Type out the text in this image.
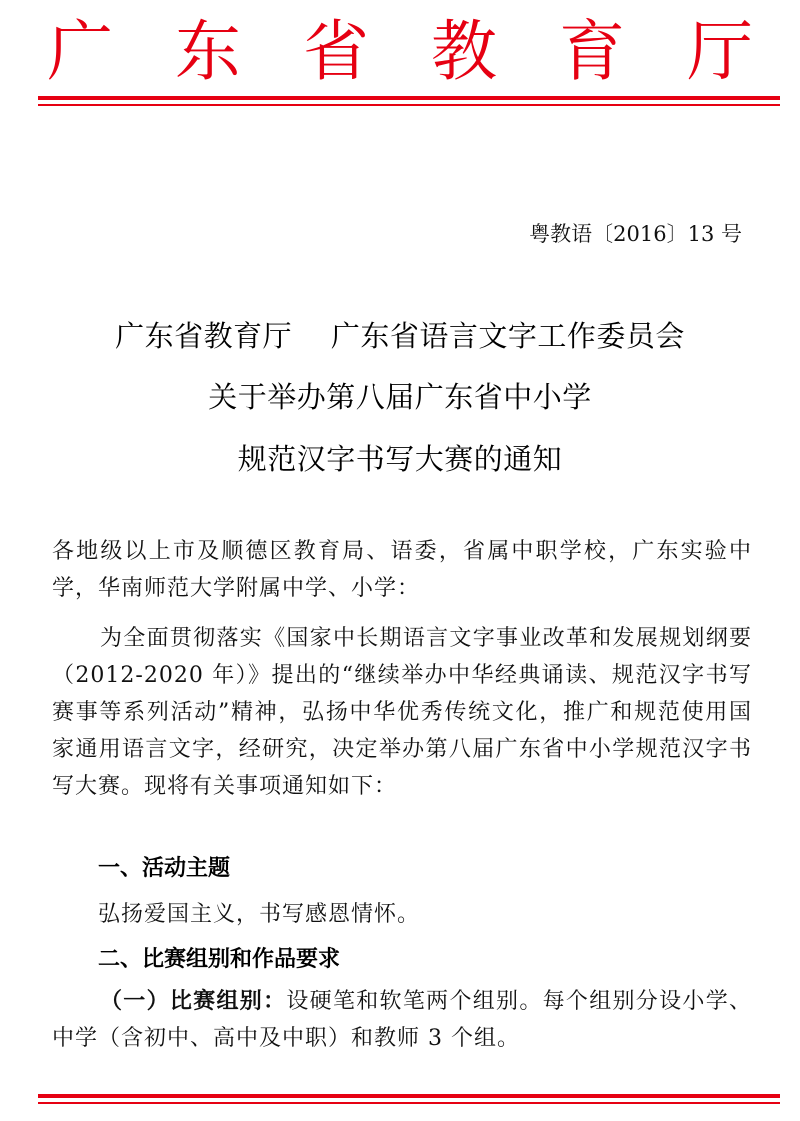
广 东 省 教 育 厅
粤教语〔2016〕13 号
广东省教育厅    广东省语言文字工作委员会
关于举办第八届广东省中小学
规范汉字书写大赛的通知
各地级以上市及顺德区教育局、语委，省属中职学校，广东实验中学，华南师范大学附属中学、小学：
为全面贯彻落实《国家中长期语言文字事业改革和发展规划纲要（2012-2020 年）》提出的“继续举办中华经典诵读、规范汉字书写赛事等系列活动”精神，弘扬中华优秀传统文化，推广和规范使用国家通用语言文字，经研究，决定举办第八届广东省中小学规范汉字书写大赛。现将有关事项通知如下：
一、活动主题
弘扬爱国主义，书写感恩情怀。
二、比赛组别和作品要求
（一）比赛组别：设硬笔和软笔两个组别。每个组别分设小学、中学（含初中、高中及中职）和教师 3 个组。
